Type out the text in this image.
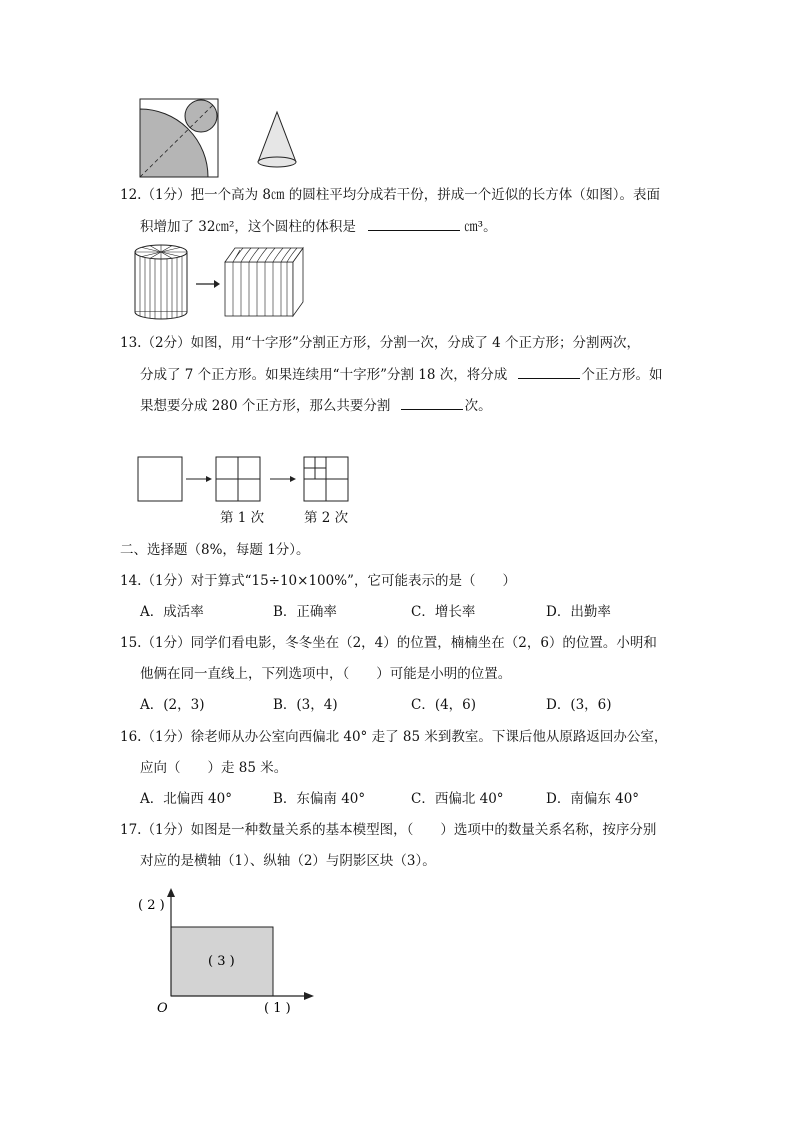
12.（1分）把一个高为 8㎝ 的圆柱平均分成若干份，拼成一个近似的长方体（如图）。表面
积增加了 32㎝²，这个圆柱的体积是	㎝³。
13.（2分）如图，用“十字形”分割正方形，分割一次，分成了 4 个正方形；分割两次，
分成了 7 个正方形。如果连续用“十字形”分割 18 次，将分成	个正方形。如
果想要分成 280 个正方形，那么共要分割	次。
第 1 次	第 2 次
二、选择题（8%，每题 1分）。
14.（1分）对于算式“15÷10×100%”，它可能表示的是（　　）
A．成活率	B．正确率	C．增长率	D．出勤率
15.（1分）同学们看电影，冬冬坐在（2，4）的位置，楠楠坐在（2，6）的位置。小明和
他俩在同一直线上，下列选项中，（　　）可能是小明的位置。
A．(2，3)	B．(3，4)	C．(4，6)	D．(3，6)
16.（1分）徐老师从办公室向西偏北 40° 走了 85 米到教室。下课后他从原路返回办公室，
应向（　　）走 85 米。
A．北偏西 40°	B．东偏南 40°	C．西偏北 40°	D．南偏东 40°
17.（1分）如图是一种数量关系的基本模型图，（　　）选项中的数量关系名称，按序分别
对应的是横轴（1）、纵轴（2）与阴影区块（3）。
( 2 )
( 1 )
( 3 )
O
